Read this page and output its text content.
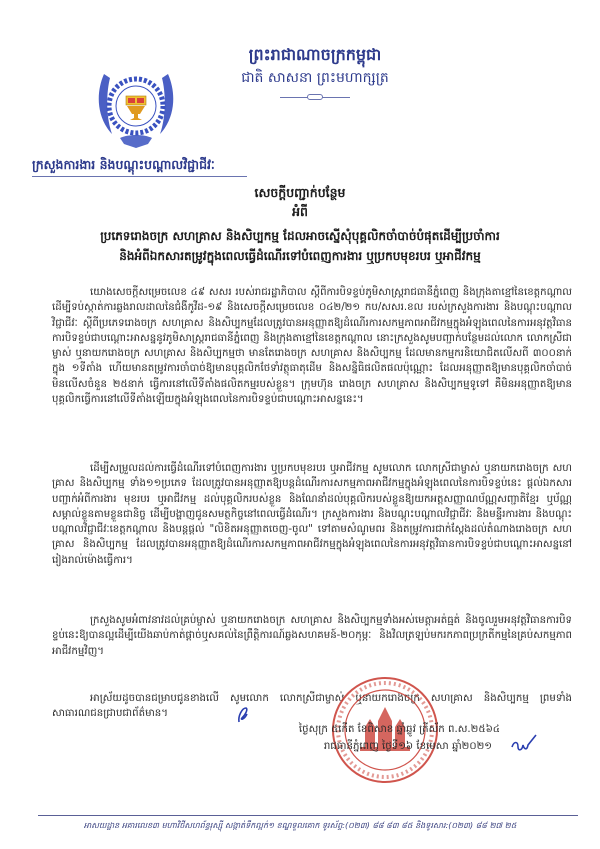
ព្រះរាជាណាចក្រកម្ពុជា
ជាតិ សាសនា ព្រះមហាក្សត្រ
ក្រសួងការងារ និងបណ្តុះបណ្តាលវិជ្ជាជីវៈ
សេចក្តីបញ្ជាក់បន្ថែម
អំពី
ប្រភេទរោងចក្រ សហគ្រាស និងសិប្បកម្ម ដែលអាចស្នើសុំបុគ្គលិកចាំបាច់បំផុតដើម្បីប្រចាំការ
និងអំពីឯកសារតម្រូវក្នុងពេលធ្វើដំណើរទៅបំពេញការងារ ឬប្រកបមុខរបរ ឬអាជីវកម្ម

យោងសេចក្តីសម្រេចលេខ ៤៩ សសរ របស់រាជរដ្ឋាភិបាល ស្តីពីការបិទខ្ទប់ភូមិសាស្ត្ររាជធានីភ្នំពេញ និងក្រុងតាខ្មៅនៃខេត្តកណ្តាលដើម្បីទប់ស្កាត់ការឆ្លងរាលដាលនៃជំងឺកូវីដ-១៩ និងសេចក្តីសម្រេចលេខ ០៤២/២១ កប/សសរ.ខល របស់ក្រសួងការងារ និងបណ្តុះបណ្តាលវិជ្ជាជីវៈ ស្តីពីប្រភេទរោងចក្រ សហគ្រាស និងសិប្បកម្មដែលត្រូវបានអនុញ្ញាតឱ្យដំណើរការសកម្មភាពអាជីវកម្មក្នុងអំឡុងពេលនៃការអនុវត្តវិធានការបិទខ្ទប់ជាបណ្តោះអាសន្ននូវភូមិសាស្ត្ររាជធានីភ្នំពេញ និងក្រុងតាខ្មៅនៃខេត្តកណ្តាល នោះក្រសួងសូមបញ្ជាក់បន្ថែមដល់លោក លោកស្រីជាម្ចាស់ ឬនាយករោងចក្រ សហគ្រាស និងសិប្បកម្មថា មានតែរោងចក្រ សហគ្រាស និងសិប្បកម្ម ដែលមានកម្មករនិយោជិតលើសពី ៣០០នាក់ ក្នុង ១ទីតាំង ហើយមានតម្រូវការចាំបាច់ឱ្យមានបុគ្គលិកថែទាំវត្ថុធាតុដើម និងសន្និធិផលិតផលប៉ុណ្ណោះ ដែលអនុញ្ញាតឱ្យមានបុគ្គលិកចាំបាច់មិនលើសចំនួន ២៥នាក់ ធ្វើការនៅលើទីតាំងផលិតកម្មរបស់ខ្លួន។ ក្រុមហ៊ុន រោងចក្រ សហគ្រាស និងសិប្បកម្មទូទៅ គឺមិនអនុញ្ញាតឱ្យមានបុគ្គលិកធ្វើការនៅលើទីតាំងឡើយក្នុងអំឡុងពេលនៃការបិទខ្ទប់ជាបណ្តោះអាសន្ននេះ។

ដើម្បីសម្រួលដល់ការធ្វើដំណើរទៅបំពេញការងារ ឬប្រកបមុខរបរ ឬអាជីវកម្ម សូមលោក លោកស្រីជាម្ចាស់ ឬនាយករោងចក្រ សហគ្រាស និងសិប្បកម្ម ទាំង១១ប្រភេទ ដែលត្រូវបានអនុញ្ញាតឱ្យបន្តដំណើរការសកម្មភាពអាជីវកម្មក្នុងអំឡុងពេលនៃការបិទខ្ទប់នេះ ផ្តល់ឯកសារបញ្ជាក់អំពីការងារ មុខរបរ ឬអាជីវកម្ម ដល់បុគ្គលិករបស់ខ្លួន និងណែនាំដល់បុគ្គលិករបស់ខ្លួនឱ្យយកអត្តសញ្ញាណប័ណ្ណសញ្ជាតិខ្មែរ ឬប័ណ្ណសម្គាល់ខ្លួនតាមខ្លួនជានិច្ច ដើម្បីបង្ហាញជូនសមត្ថកិច្ចនៅពេលធ្វើដំណើរ។ ក្រសួងការងារ និងបណ្តុះបណ្តាលវិជ្ជាជីវៈ និងមន្ទីរការងារ និងបណ្តុះបណ្តាលវិជ្ជាជីវៈខេត្តកណ្តាល និងបន្តផ្តល់ "លិខិតអនុញ្ញាតចេញ-ចូល" ទៅតាមសំណូមពរ និងតម្រូវការជាក់ស្តែងដល់តំណាងរោងចក្រ សហគ្រាស និងសិប្បកម្ម ដែលត្រូវបានអនុញ្ញាតឱ្យដំណើរការសកម្មភាពអាជីវកម្មក្នុងអំឡុងពេលនៃការអនុវត្តវិធានការបិទខ្ទប់ជាបណ្តោះអាសន្ននៅរៀងរាល់ម៉ោងធ្វើការ។

ក្រសួងសូមអំពាវនាវដល់គ្រប់ម្ចាស់ ឬនាយករោងចក្រ សហគ្រាស និងសិប្បកម្មទាំងអស់មេត្តាអត់ធ្មត់ និងចូលរួមអនុវត្តវិធានការបិទខ្ទប់នេះឱ្យបានល្អដើម្បីយើងឆាប់កាត់ផ្តាច់ឬសគល់នៃព្រឹត្តិការណ៍ឆ្លងសហគមន៍-២០កុម្ភៈ និងវិលត្រឡប់មករកភាពប្រក្រតីកម្មនៃគ្រប់សកម្មភាពអាជីវកម្មវិញ។

អាស្រ័យដូចបានជម្រាបជូនខាងលើ សូមលោក លោកស្រីជាម្ចាស់ ឬនាយករោងចក្រ សហគ្រាស និងសិប្បកម្ម ព្រមទាំងសាធារណជនជ្រាបជាព័ត៌មាន។

ថ្ងៃសុក្រ ៥កើត ខែពិសាខ ឆ្នាំឆ្លូវ ត្រីស័ក ព.ស.២៥៦៤
រាជធានីភ្នំពេញ ថ្ងៃទី១៦ ខែមេសា ឆ្នាំ២០២១
អាសយដ្ឋាន អគារលេខ៣ មហាវិថីសហព័ន្ធរុស្ស៊ី សង្កាត់ទឹកល្អក់១ ខណ្ឌទួលគោក ទូរស័ព្ទ:(០២៣) ៨៨ ៨៣ ៨៥ និងទូរសារ:(០២៣) ៨៨ ២៧ ២៥
